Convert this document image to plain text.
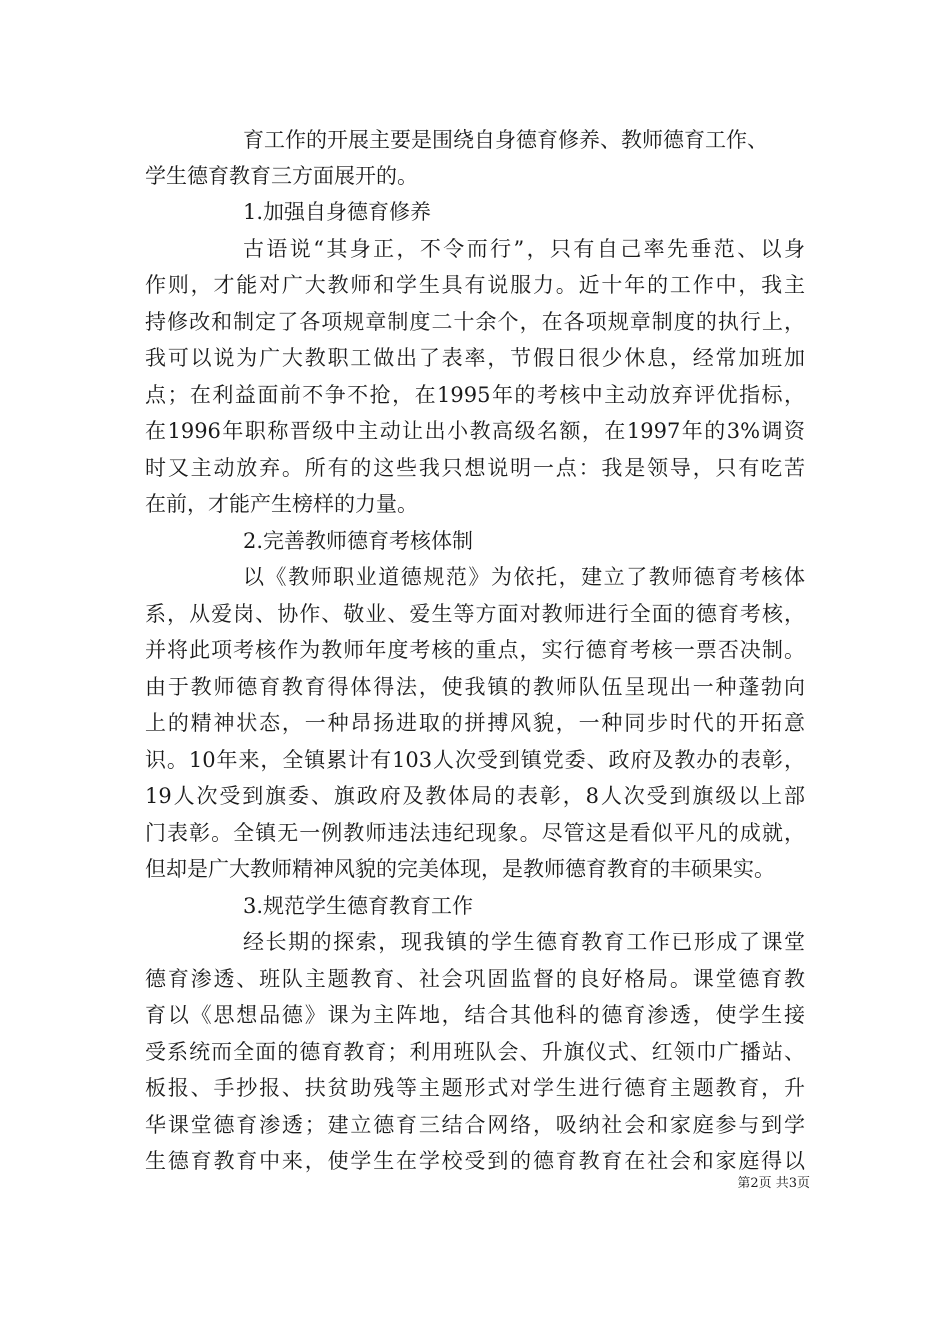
育工作的开展主要是围绕自身德育修养、教师德育工作、
学生德育教育三方面展开的。
1.加强自身德育修养
古语说“其身正，不令而行”，只有自己率先垂范、以身
作则，才能对广大教师和学生具有说服力。近十年的工作中，我主
持修改和制定了各项规章制度二十余个，在各项规章制度的执行上，
我可以说为广大教职工做出了表率，节假日很少休息，经常加班加
点；在利益面前不争不抢，在1995年的考核中主动放弃评优指标，
在1996年职称晋级中主动让出小教高级名额，在1997年的3%调资
时又主动放弃。所有的这些我只想说明一点：我是领导，只有吃苦
在前，才能产生榜样的力量。
2.完善教师德育考核体制
以《教师职业道德规范》为依托，建立了教师德育考核体
系，从爱岗、协作、敬业、爱生等方面对教师进行全面的德育考核，
并将此项考核作为教师年度考核的重点，实行德育考核一票否决制。
由于教师德育教育得体得法，使我镇的教师队伍呈现出一种蓬勃向
上的精神状态，一种昂扬进取的拼搏风貌，一种同步时代的开拓意
识。10年来，全镇累计有103人次受到镇党委、政府及教办的表彰，
19人次受到旗委、旗政府及教体局的表彰，8人次受到旗级以上部
门表彰。全镇无一例教师违法违纪现象。尽管这是看似平凡的成就，
但却是广大教师精神风貌的完美体现，是教师德育教育的丰硕果实。
3.规范学生德育教育工作
经长期的探索，现我镇的学生德育教育工作已形成了课堂
德育渗透、班队主题教育、社会巩固监督的良好格局。课堂德育教
育以《思想品德》课为主阵地，结合其他科的德育渗透，使学生接
受系统而全面的德育教育；利用班队会、升旗仪式、红领巾广播站、
板报、手抄报、扶贫助残等主题形式对学生进行德育主题教育，升
华课堂德育渗透；建立德育三结合网络，吸纳社会和家庭参与到学
生德育教育中来，使学生在学校受到的德育教育在社会和家庭得以
第2页 共3页
